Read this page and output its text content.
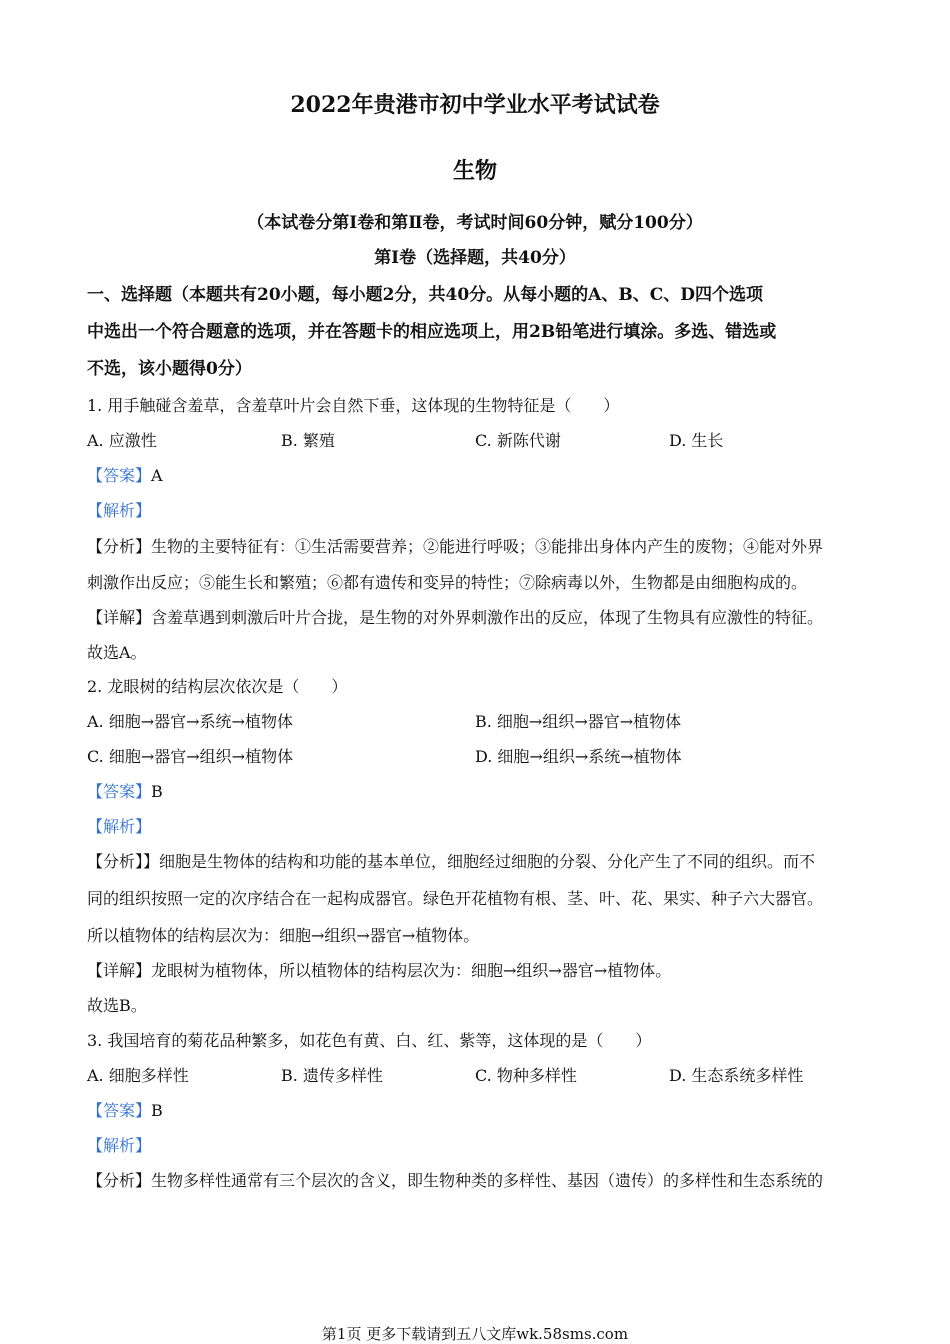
2022年贵港市初中学业水平考试试卷
生物
（本试卷分第Ⅰ卷和第Ⅱ卷，考试时间60分钟，赋分100分）
第Ⅰ卷（选择题，共40分）
一、选择题（本题共有20小题，每小题2分，共40分。从每小题的A、B、C、D四个选项
中选出一个符合题意的选项，并在答题卡的相应选项上，用2B铅笔进行填涂。多选、错选或
不选，该小题得0分）
1. 用手触碰含羞草，含羞草叶片会自然下垂，这体现的生物特征是（　　）
A. 应激性	B. 繁殖	C. 新陈代谢	D. 生长
【答案】A
【解析】
【分析】生物的主要特征有：①生活需要营养；②能进行呼吸；③能排出身体内产生的废物；④能对外界
刺激作出反应；⑤能生长和繁殖；⑥都有遗传和变异的特性；⑦除病毒以外，生物都是由细胞构成的。
【详解】含羞草遇到刺激后叶片合拢，是生物的对外界刺激作出的反应，体现了生物具有应激性的特征。
故选A。
2. 龙眼树的结构层次依次是（　　）
A. 细胞→器官→系统→植物体	B. 细胞→组织→器官→植物体
C. 细胞→器官→组织→植物体	D. 细胞→组织→系统→植物体
【答案】B
【解析】
【分析】】细胞是生物体的结构和功能的基本单位，细胞经过细胞的分裂、分化产生了不同的组织。而不
同的组织按照一定的次序结合在一起构成器官。绿色开花植物有根、茎、叶、花、果实、种子六大器官。
所以植物体的结构层次为：细胞→组织→器官→植物体。
【详解】龙眼树为植物体，所以植物体的结构层次为：细胞→组织→器官→植物体。
故选B。
3. 我国培育的菊花品种繁多，如花色有黄、白、红、紫等，这体现的是（　　）
A. 细胞多样性	B. 遗传多样性	C. 物种多样性	D. 生态系统多样性
【答案】B
【解析】
【分析】生物多样性通常有三个层次的含义，即生物种类的多样性、基因（遗传）的多样性和生态系统的
第1页 更多下载请到五八文库wk.58sms.com
